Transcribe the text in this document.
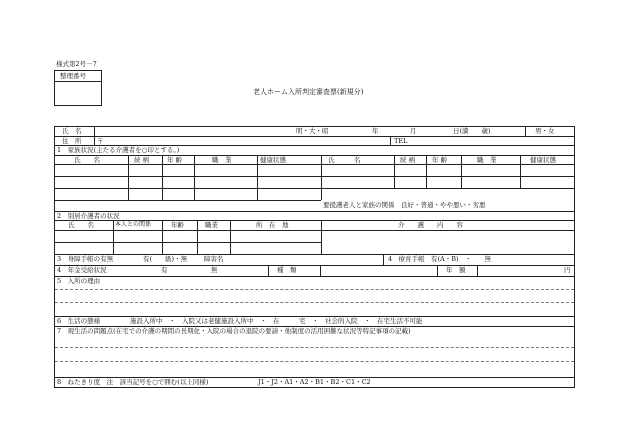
様式第2号－7
整理番号
老人ホーム入所判定審査票(新規分)
氏　名	明・大・昭	年	月	日(満　　歳)	男・女
住　所 〒	TEL
1　家族状況(主たる介護者を○印とする。)
氏　　名	続 柄	年 齢	職　業	健康状態	氏　　　名	続 柄	年 齢	職　業	健康状態
要援護老人と家族の関係　良好・普通・やや悪い・劣悪
2　別居介護者の状況
氏　　名	本人との関係	年齢	職業	所　在　地	介　　護　　内　　容
3　身障手帳の有無	有(　　級)・無	障害名	4　療育手帳 有(A・B)　・　　無
4　年金受給状況	有	無	種　類	年　額	円
5　入所の理由
6　生活の態様	施設入所中　・　入院又は老健施設入所中　・　在　　　宅　・　社会的入院　・　在宅生活不可能
7　現生活の問題点(在宅での介護の期間の長期化・入院の場合の退院の要請・他制度の活用困難な状況等特記事項の記載)
8　ねたきり度　注　該当記号を○で囲む(以上同様)	J1・J2・A1・A2・B1・B2・C1・C2
